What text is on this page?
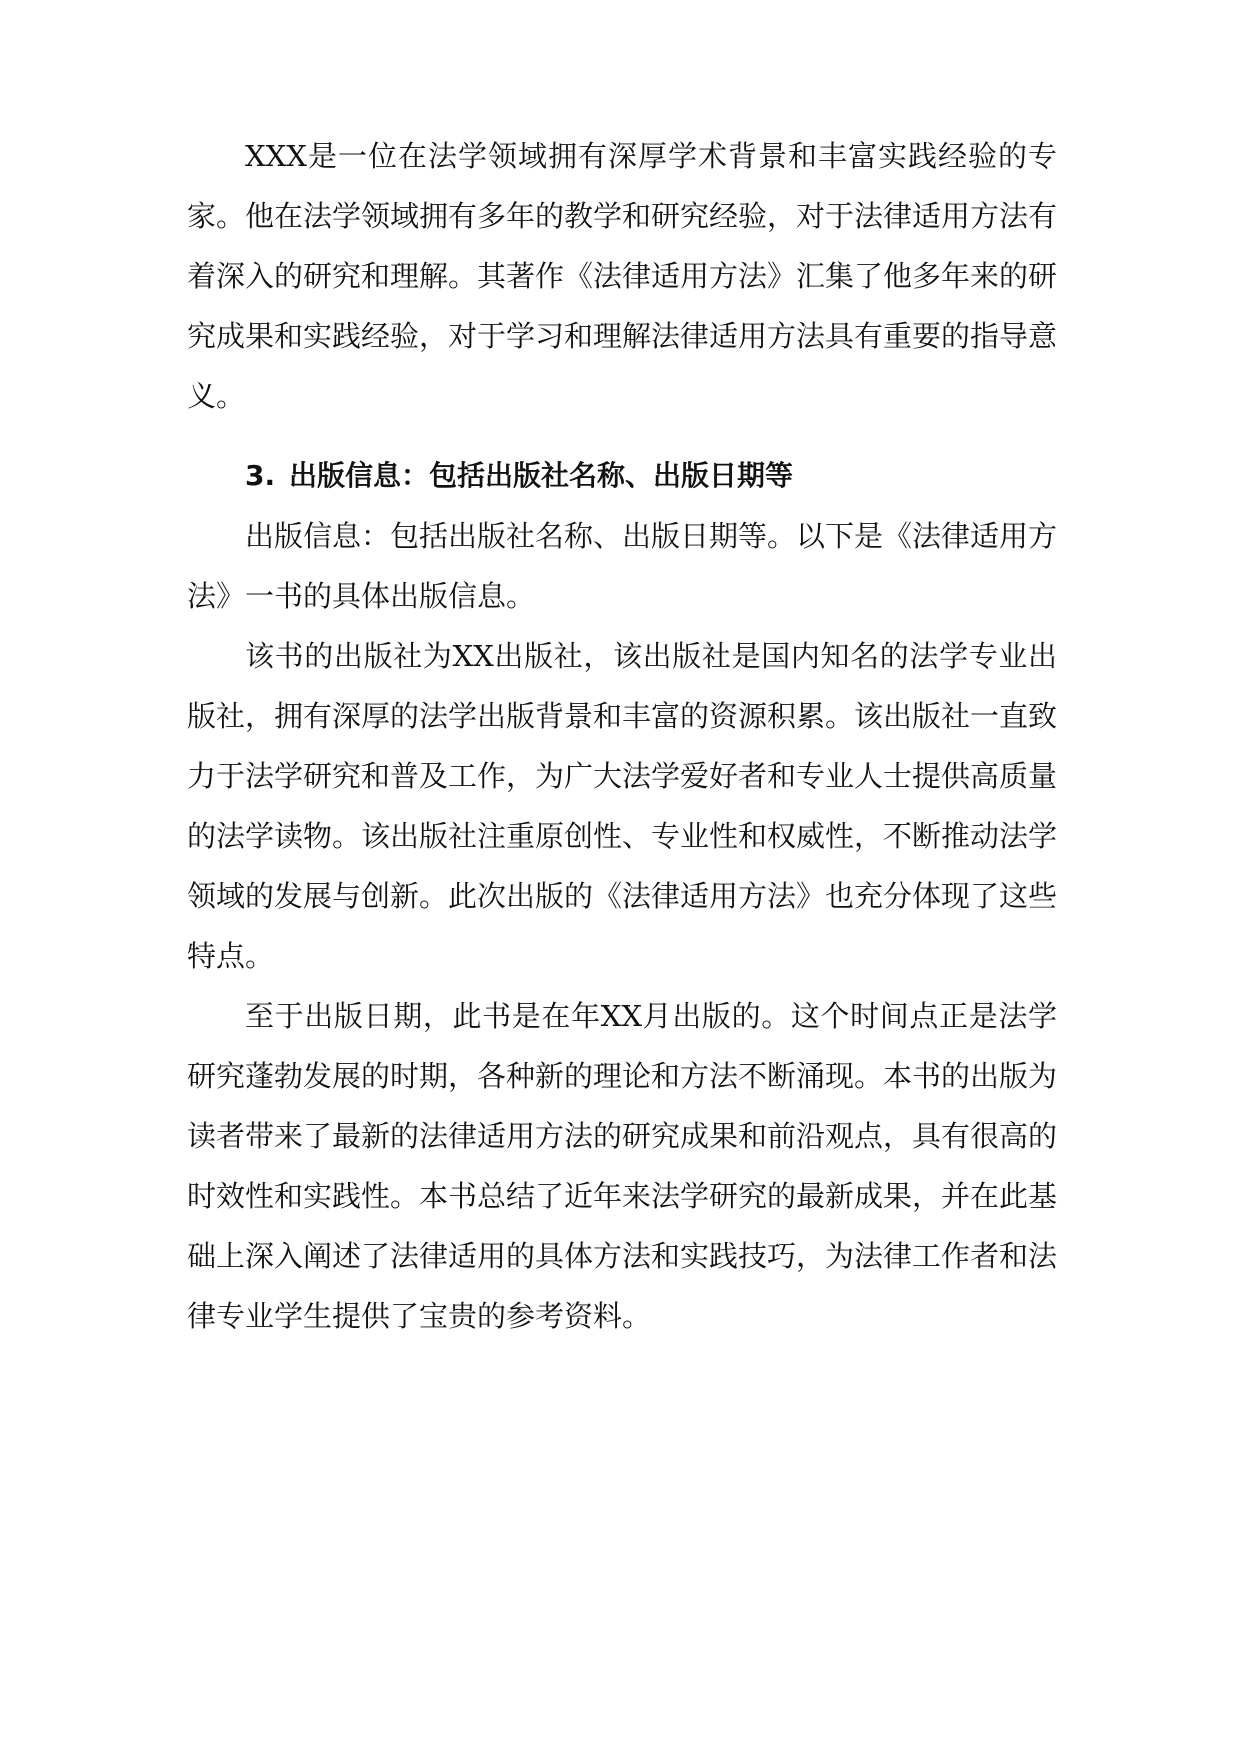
XXX是一位在法学领域拥有深厚学术背景和丰富实践经验的专家。他在法学领域拥有多年的教学和研究经验，对于法律适用方法有着深入的研究和理解。其著作《法律适用方法》汇集了他多年来的研究成果和实践经验，对于学习和理解法律适用方法具有重要的指导意义。

3. 出版信息：包括出版社名称、出版日期等

出版信息：包括出版社名称、出版日期等。以下是《法律适用方法》一书的具体出版信息。

该书的出版社为XX出版社，该出版社是国内知名的法学专业出版社，拥有深厚的法学出版背景和丰富的资源积累。该出版社一直致力于法学研究和普及工作，为广大法学爱好者和专业人士提供高质量的法学读物。该出版社注重原创性、专业性和权威性，不断推动法学领域的发展与创新。此次出版的《法律适用方法》也充分体现了这些特点。

至于出版日期，此书是在年XX月出版的。这个时间点正是法学研究蓬勃发展的时期，各种新的理论和方法不断涌现。本书的出版为读者带来了最新的法律适用方法的研究成果和前沿观点，具有很高的时效性和实践性。本书总结了近年来法学研究的最新成果，并在此基础上深入阐述了法律适用的具体方法和实践技巧，为法律工作者和法律专业学生提供了宝贵的参考资料。
